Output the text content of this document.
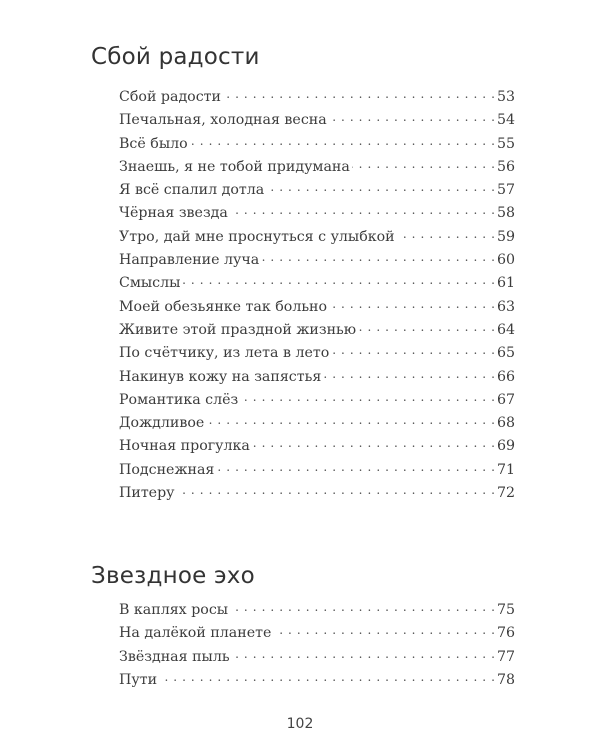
Сбой радости
Сбой радости . . .	53
Печальная, холодная весна . . .	54
Всё было . . .	55
Знаешь, я не тобой придумана . . .	56
Я всё спалил дотла . . .	57
Чёрная звезда . . .	58
Утро, дай мне проснуться с улыбкой . . .	59
Направление луча . . .	60
Смыслы . . .	61
Моей обезьянке так больно . . .	63
Живите этой праздной жизнью . . .	64
По счётчику, из лета в лето . . .	65
Накинув кожу на запястья . . .	66
Романтика слёз . . .	67
Дождливое . . .	68
Ночная прогулка . . .	69
Подснежная . . .	71
Питеру . . .	72
Звездное эхо
В каплях росы . . .	75
На далёкой планете . . .	76
Звёздная пыль . . .	77
Пути . . .	78
102
